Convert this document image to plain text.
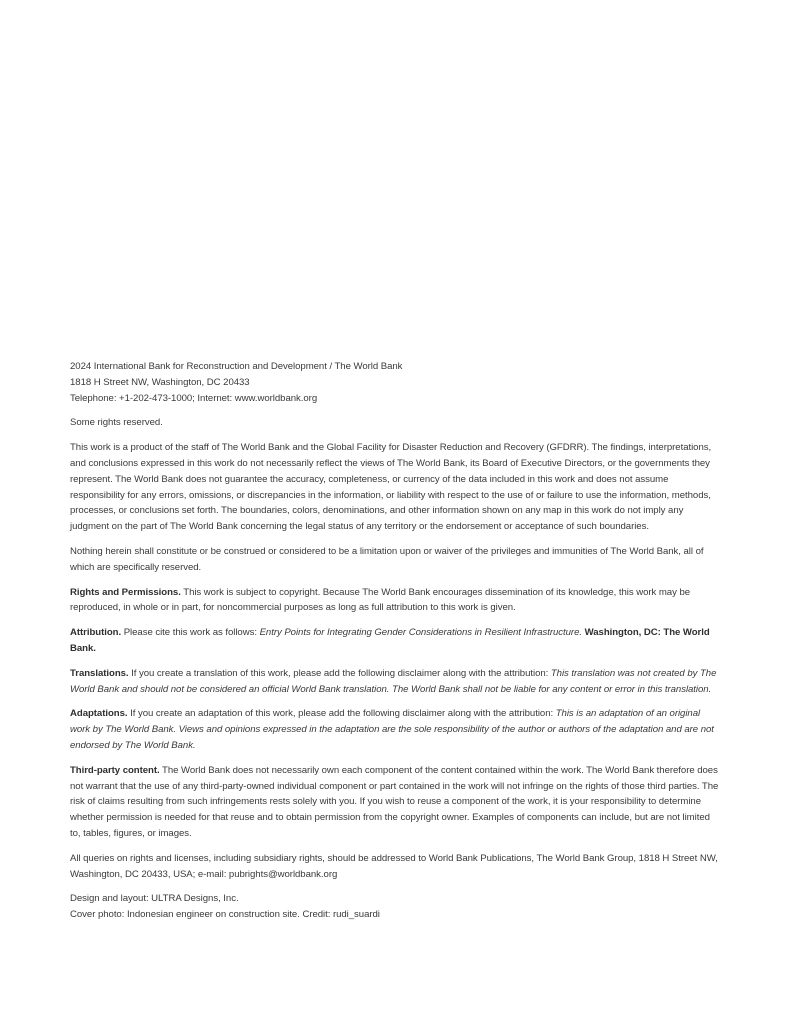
2024 International Bank for Reconstruction and Development / The World Bank

1818 H Street NW, Washington, DC 20433

Telephone: +1-202-473-1000; Internet: www.worldbank.org

Some rights reserved.

This work is a product of the staff of The World Bank and the Global Facility for Disaster Reduction and Recovery (GFDRR). The findings, interpretations, and conclusions expressed in this work do not necessarily reflect the views of The World Bank, its Board of Executive Directors, or the governments they represent. The World Bank does not guarantee the accuracy, completeness, or currency of the data included in this work and does not assume responsibility for any errors, omissions, or discrepancies in the information, or liability with respect to the use of or failure to use the information, methods, processes, or conclusions set forth. The boundaries, colors, denominations, and other information shown on any map in this work do not imply any judgment on the part of The World Bank concerning the legal status of any territory or the endorsement or acceptance of such boundaries.

Nothing herein shall constitute or be construed or considered to be a limitation upon or waiver of the privileges and immunities of The World Bank, all of which are specifically reserved.

Rights and Permissions. This work is subject to copyright. Because The World Bank encourages dissemination of its knowledge, this work may be reproduced, in whole or in part, for noncommercial purposes as long as full attribution to this work is given.

Attribution. Please cite this work as follows: Entry Points for Integrating Gender Considerations in Resilient Infrastructure. Washington, DC: The World Bank.

Translations. If you create a translation of this work, please add the following disclaimer along with the attribution: This translation was not created by The World Bank and should not be considered an official World Bank translation. The World Bank shall not be liable for any content or error in this translation.

Adaptations. If you create an adaptation of this work, please add the following disclaimer along with the attribution: This is an adaptation of an original work by The World Bank. Views and opinions expressed in the adaptation are the sole responsibility of the author or authors of the adaptation and are not endorsed by The World Bank.

Third-party content. The World Bank does not necessarily own each component of the content contained within the work. The World Bank therefore does not warrant that the use of any third-party-owned individual component or part contained in the work will not infringe on the rights of those third parties. The risk of claims resulting from such infringements rests solely with you. If you wish to reuse a component of the work, it is your responsibility to determine whether permission is needed for that reuse and to obtain permission from the copyright owner. Examples of components can include, but are not limited to, tables, figures, or images.

All queries on rights and licenses, including subsidiary rights, should be addressed to World Bank Publications, The World Bank Group, 1818 H Street NW, Washington, DC 20433, USA; e-mail: pubrights@worldbank.org

Design and layout: ULTRA Designs, Inc.

Cover photo: Indonesian engineer on construction site. Credit: rudi_suardi
